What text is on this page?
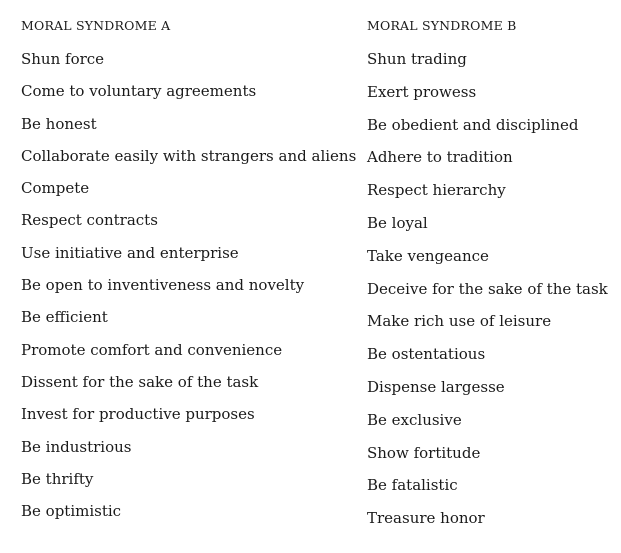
MORAL SYNDROME A
Shun force
Come to voluntary agreements
Be honest
Collaborate easily with strangers and aliens
Compete
Respect contracts
Use initiative and enterprise
Be open to inventiveness and novelty
Be efficient
Promote comfort and convenience
Dissent for the sake of the task
Invest for productive purposes
Be industrious
Be thrifty
Be optimistic
MORAL SYNDROME B
Shun trading
Exert prowess
Be obedient and disciplined
Adhere to tradition
Respect hierarchy
Be loyal
Take vengeance
Deceive for the sake of the task
Make rich use of leisure
Be ostentatious
Dispense largesse
Be exclusive
Show fortitude
Be fatalistic
Treasure honor
